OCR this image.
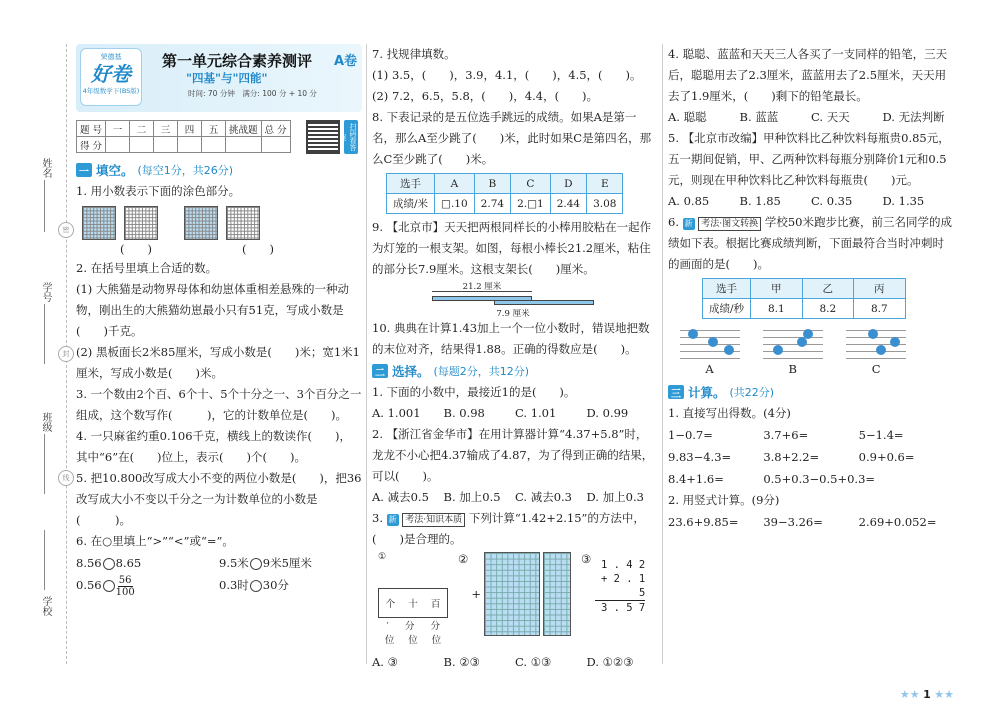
姓名
学号
班级
学校
密
封
线
荣德基
好卷
4年级数学下(BS版)
第一单元综合素养测评 A卷
"四基"与"四能"
时间: 70 分钟　满分: 100 分 + 10 分
题 号	一	二	三	四	五	挑战题	总 分
得 分								扫码看答案
一 填空。 (每空1分，共26分)

1. 用小数表示下面的涂色部分。

(　　)	(　　)

2. 在括号里填上合适的数。

(1) 大熊猫是动物界母体和幼崽体重相差悬殊的一种动物，刚出生的大熊猫幼崽最小只有51克，写成小数是(　　)千克。

(2) 黑板面长2米85厘米，写成小数是(　　)米；宽1米1厘米，写成小数是(　　)米。

3. 一个数由2个百、6个十、5个十分之一、3个百分之一组成，这个数写作(　　　)，它的计数单位是(　　)。

4. 一只麻雀约重0.106千克，横线上的数读作(　　)，其中“6”在(　　)位上，表示(　　)个(　　)。

5. 把10.800改写成大小不变的两位小数是(　　)，把36改写成大小不变以千分之一为计数单位的小数是(　　　)。

6. 在○里填上“>”“<”或“=”。

8.56 8.65	9.5米 9米5厘米
$0.56 \frac{56}{100}$	0.3时 30分

7. 找规律填数。

(1) 3.5，(　　)，3.9，4.1，(　　)，4.5，(　　)。

(2) 7.2，6.5，5.8，(　　)，4.4，(　　)。

8. 下表记录的是五位选手跳远的成绩。如果A是第一名，那么A至少跳了(　　)米，此时如果C是第四名，那么C至少跳了(　　)米。

选手	A	B	C	D	E
成绩/米	□.10	2.74	2.□1	2.44	3.08

9. 【北京市】天天把两根同样长的小棒用胶粘在一起作为灯笼的一根支架。如图，每根小棒长21.2厘米，粘住的部分长7.9厘米。这根支架长(　　)厘米。

21.2 厘米
7.9 厘米

10. 典典在计算1.43加上一个一位小数时，错误地把数的末位对齐，结果得1.88。正确的得数应是(　　)。

二 选择。 (每题2分，共12分)

1. 下面的小数中，最接近1的是(　　)。

A. 1.001	B. 0.98	C. 1.01	D. 0.99

2. 【浙江省金华市】在用计算器计算“4.37+5.8”时，龙龙不小心把4.37输成了4.87，为了得到正确的结果，可以(　　)。

A. 减去0.5	B. 加上0.5	C. 减去0.3	D. 加上0.3

3. 新 考法·知识本质 下列计算“1.42+2.15”的方法中，(　　)是合理的。

①
个 十 百
· 分 分
位 位 位
②
+
③ 1 . 4 2
+ 2 . 1 5
3 . 5 7
A. ③	B. ②③	C. ①③	D. ①②③

4. 聪聪、蓝蓝和天天三人各买了一支同样的铅笔，三天后，聪聪用去了2.3厘米，蓝蓝用去了2.5厘米，天天用去了1.9厘米，(　　)剩下的铅笔最长。

A. 聪聪	B. 蓝蓝	C. 天天	D. 无法判断

5. 【北京市改编】甲种饮料比乙种饮料每瓶贵0.85元，五一期间促销，甲、乙两种饮料每瓶分别降价1元和0.5元，则现在甲种饮料比乙种饮料每瓶贵(　　)元。

A. 0.85	B. 1.85	C. 0.35	D. 1.35

6. 新 考法·图文转换 学校50米跑步比赛，前三名同学的成绩如下表。根据比赛成绩判断，下面最符合当时冲刺时的画面的是(　　)。

选手	甲	乙	丙
成绩/秒	8.1	8.2	8.7
A	B	C
三 计算。 (共22分)

1. 直接写出得数。(4分)

1−0.7=	3.7+6=	5−1.4=
9.83−4.3=	3.8+2.2=	0.9+0.6=
8.4+1.6=	0.5+0.3−0.5+0.3=

2. 用竖式计算。(9分)

23.6+9.85=	39−3.26=	2.69+0.052=
★★ 1 ★★
